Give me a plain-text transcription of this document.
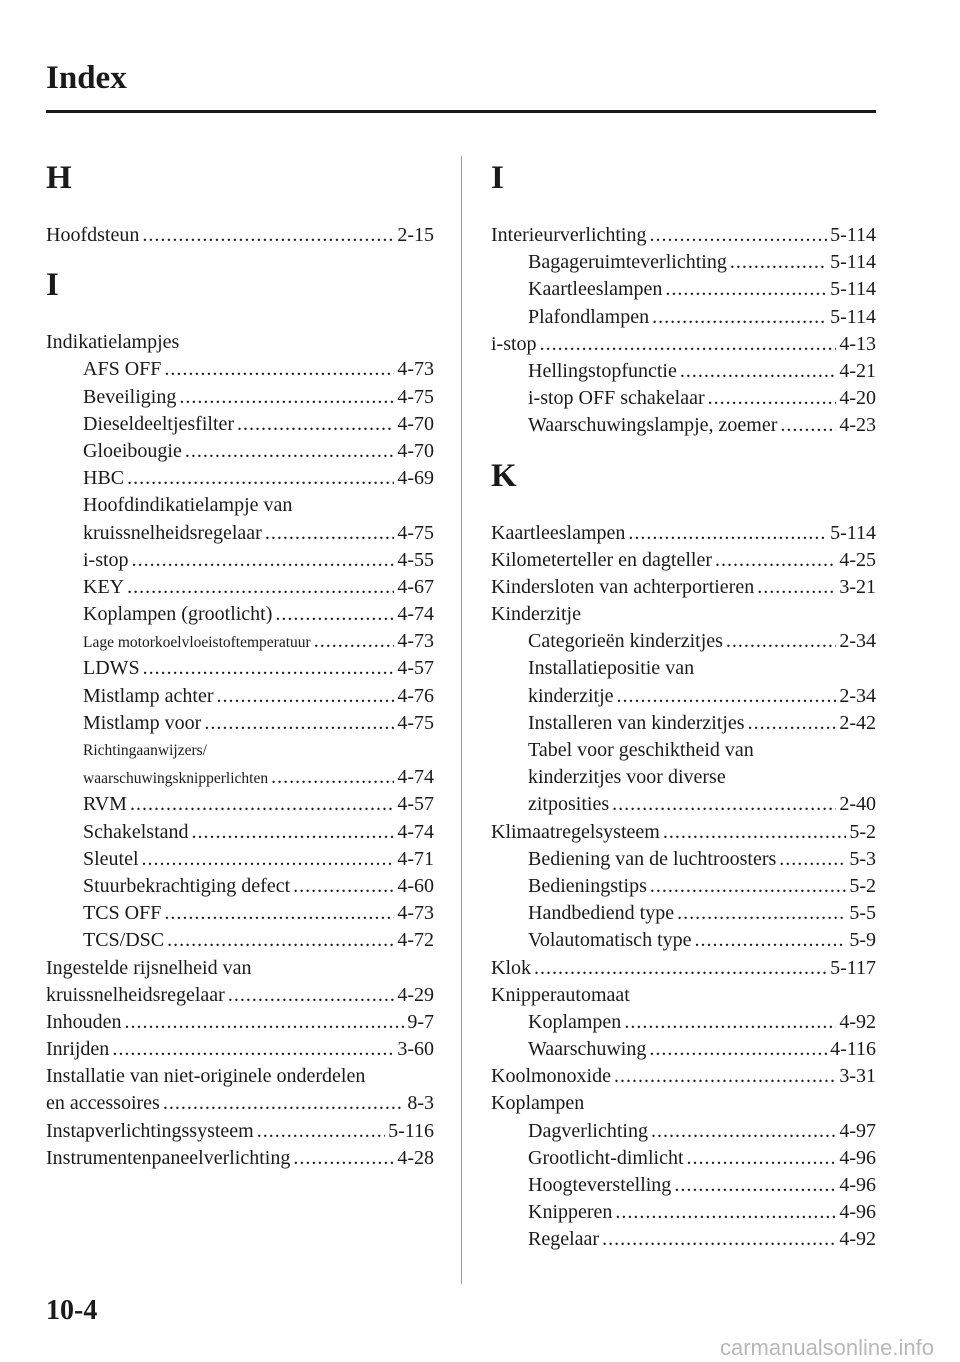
Index
H
Hoofdsteun . . .	2-15
I
Indikatielampjes
AFS OFF . . .	4-73
Beveiliging . . .	4-75
Dieseldeeltjesfilter . . .	4-70
Gloeibougie . . .	4-70
HBC . . .	4-69
Hoofdindikatielampje van
kruissnelheidsregelaar . . .	4-75
i-stop . . .	4-55
KEY . . .	4-67
Koplampen (grootlicht) . . .	4-74
Lage motorkoelvloeistoftemperatuur . . .	4-73
LDWS . . .	4-57
Mistlamp achter . . .	4-76
Mistlamp voor . . .	4-75
Richtingaanwijzers/
waarschuwingsknipperlichten . . .	4-74
RVM . . .	4-57
Schakelstand . . .	4-74
Sleutel . . .	4-71
Stuurbekrachtiging defect . . .	4-60
TCS OFF . . .	4-73
TCS/DSC . . .	4-72
Ingestelde rijsnelheid van
kruissnelheidsregelaar . . .	4-29
Inhouden . . .	9-7
Inrijden . . .	3-60
Installatie van niet-originele onderdelen
en accessoires . . .	8-3
Instapverlichtingssysteem . . .	5-116
Instrumentenpaneelverlichting . . .	4-28
I
Interieurverlichting . . .	5-114
Bagageruimteverlichting . . .	5-114
Kaartleeslampen . . .	5-114
Plafondlampen . . .	5-114
i-stop . . .	4-13
Hellingstopfunctie . . .	4-21
i-stop OFF schakelaar . . .	4-20
Waarschuwingslampje, zoemer . . .	4-23
K
Kaartleeslampen . . .	5-114
Kilometerteller en dagteller . . .	4-25
Kindersloten van achterportieren . . .	3-21
Kinderzitje
Categorieën kinderzitjes . . .	2-34
Installatiepositie van
kinderzitje . . .	2-34
Installeren van kinderzitjes . . .	2-42
Tabel voor geschiktheid van
kinderzitjes voor diverse
zitposities . . .	2-40
Klimaatregelsysteem . . .	5-2
Bediening van de luchtroosters . . .	5-3
Bedieningstips . . .	5-2
Handbediend type . . .	5-5
Volautomatisch type . . .	5-9
Klok . . .	5-117
Knipperautomaat
Koplampen . . .	4-92
Waarschuwing . . .	4-116
Koolmonoxide . . .	3-31
Koplampen
Dagverlichting . . .	4-97
Grootlicht-dimlicht . . .	4-96
Hoogteverstelling . . .	4-96
Knipperen . . .	4-96
Regelaar . . .	4-92
10-4
carmanualsonline.info
